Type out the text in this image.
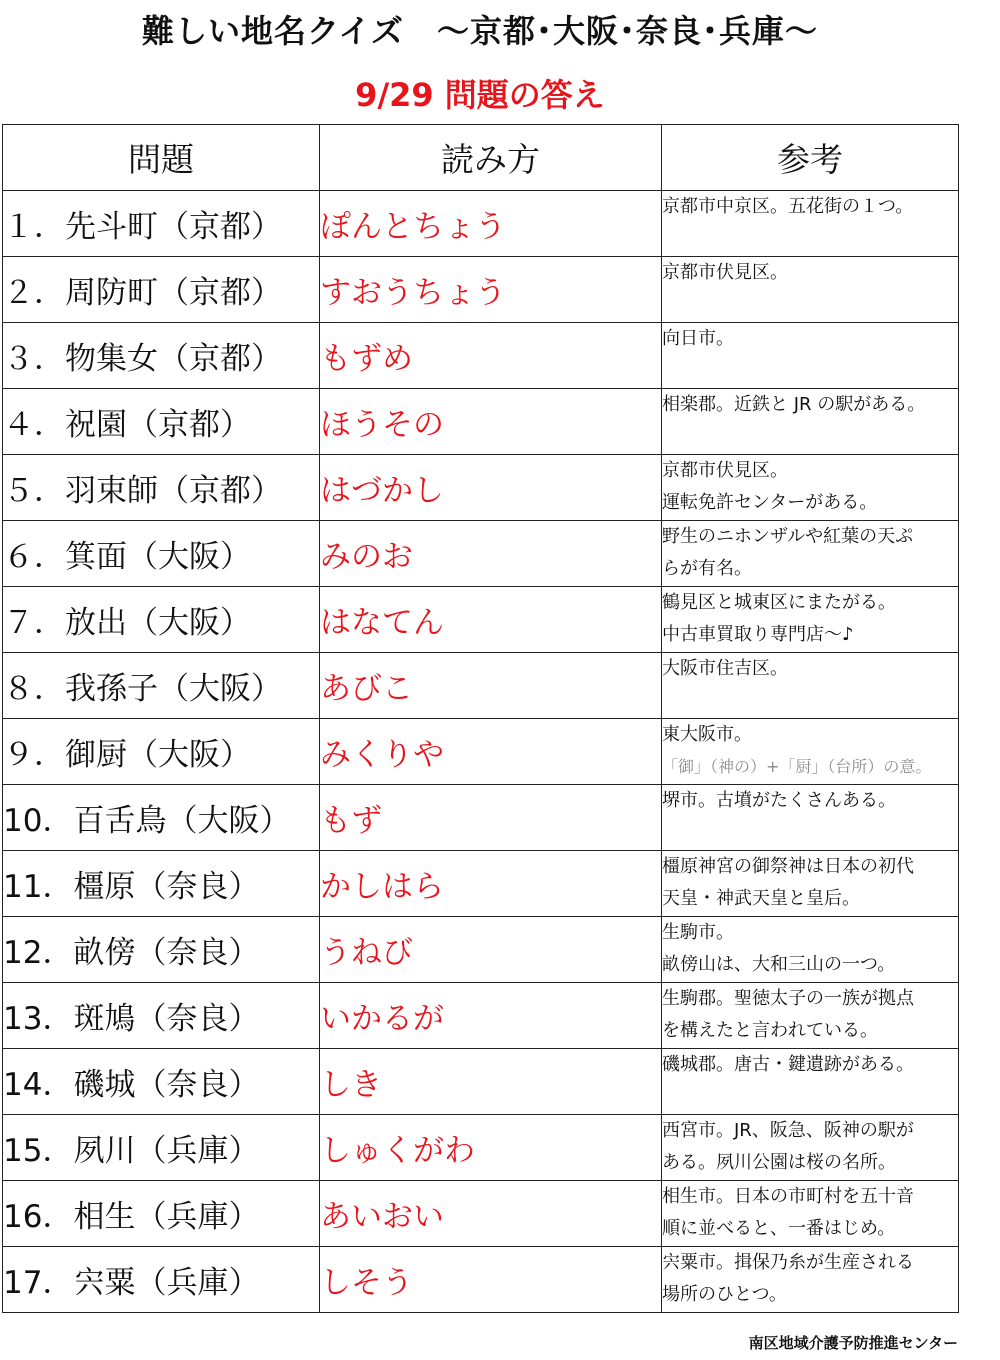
難しい地名クイズ　～京都･大阪･奈良･兵庫～
9/29 問題の答え
問題	読み方	参考
１．先斗町（京都）	ぽんとちょう	京都市中京区。五花街の１つ。

２．周防町（京都）	すおうちょう	京都市伏見区。

３．物集女（京都）	もずめ	向日市。

４．祝園（京都）	ほうその	相楽郡。近鉄と JR の駅がある。

５．羽束師（京都）	はづかし	京都市伏見区。
運転免許センターがある。

６．箕面（大阪）	みのお	野生のニホンザルや紅葉の天ぷ
らが有名。

７．放出（大阪）	はなてん	鶴見区と城東区にまたがる。
中古車買取り専門店～♪

８．我孫子（大阪）	あびこ	大阪市住吉区。

９．御厨（大阪）	みくりや	東大阪市。
「御」（神の）+「厨」（台所）の意。

10．百舌鳥（大阪）	もず	堺市。古墳がたくさんある。

11．橿原（奈良）	かしはら	橿原神宮の御祭神は日本の初代
天皇・神武天皇と皇后。

12．畝傍（奈良）	うねび	生駒市。
畝傍山は、大和三山の一つ。

13．斑鳩（奈良）	いかるが	生駒郡。聖徳太子の一族が拠点
を構えたと言われている。

14．磯城（奈良）	しき	磯城郡。唐古・鍵遺跡がある。

15．夙川（兵庫）	しゅくがわ	西宮市。JR、阪急、阪神の駅が
ある。夙川公園は桜の名所。

16．相生（兵庫）	あいおい	相生市。日本の市町村を五十音
順に並べると、一番はじめ。

17．宍粟（兵庫）	しそう	宍粟市。揖保乃糸が生産される
場所のひとつ。
南区地域介護予防推進センター
